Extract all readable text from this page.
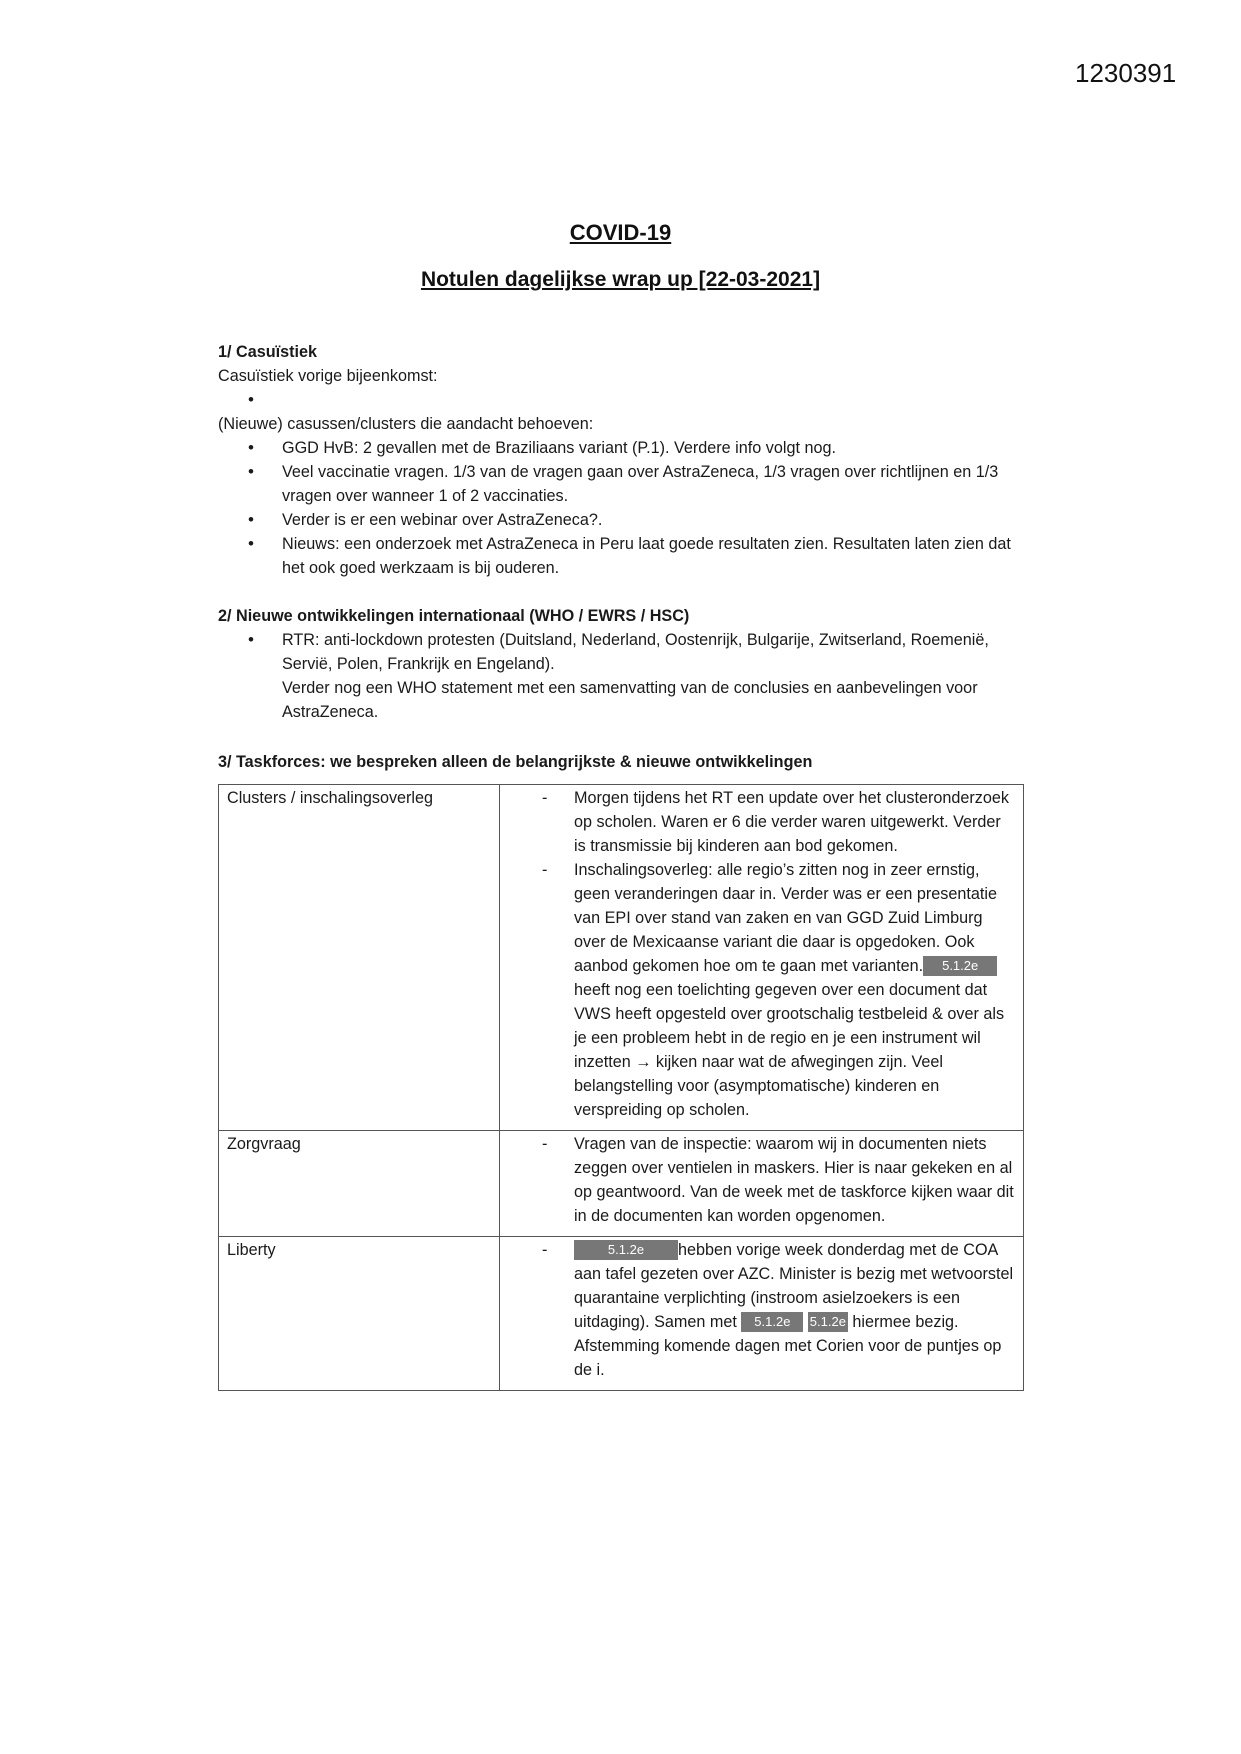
1230391
COVID-19
Notulen dagelijkse wrap up [22-03-2021]
1/ Casuïstiek
Casuïstiek vorige bijeenkomst:
•
(Nieuwe) casussen/clusters die aandacht behoeven:
• GGD HvB: 2 gevallen met de Braziliaans variant (P.1). Verdere info volgt nog.
• Veel vaccinatie vragen. 1/3 van de vragen gaan over AstraZeneca, 1/3 vragen over richtlijnen en 1/3 vragen over wanneer 1 of 2 vaccinaties.
• Verder is er een webinar over AstraZeneca?.
• Nieuws: een onderzoek met AstraZeneca in Peru laat goede resultaten zien. Resultaten laten zien dat het ook goed werkzaam is bij ouderen.
2/ Nieuwe ontwikkelingen internationaal (WHO / EWRS / HSC)
• RTR: anti-lockdown protesten (Duitsland, Nederland, Oostenrijk, Bulgarije, Zwitserland, Roemenië, Servië, Polen, Frankrijk en Engeland).
Verder nog een WHO statement met een samenvatting van de conclusies en aanbevelingen voor AstraZeneca.
3/ Taskforces: we bespreken alleen de belangrijkste & nieuwe ontwikkelingen
Clusters / inschalingsoverleg	- Morgen tijdens het RT een update over het clusteronderzoek op scholen. Waren er 6 die verder waren uitgewerkt. Verder is transmissie bij kinderen aan bod gekomen.
- Inschalingsoverleg: alle regio’s zitten nog in zeer ernstig, geen veranderingen daar in. Verder was er een presentatie van EPI over stand van zaken en van GGD Zuid Limburg over de Mexicaanse variant die daar is opgedoken. Ook aanbod gekomen hoe om te gaan met varianten. 5.1.2eheeft nog een toelichting gegeven over een document dat VWS heeft opgesteld over grootschalig testbeleid & over als je een probleem hebt in de regio en je een instrument wil inzetten → kijken naar wat de afwegingen zijn. Veel belangstelling voor (asymptomatische) kinderen en verspreiding op scholen.

Zorgvraag	- Vragen van de inspectie: waarom wij in documenten niets zeggen over ventielen in maskers. Hier is naar gekeken en al op geantwoord. Van de week met de taskforce kijken waar dit in de documenten kan worden opgenomen.

Liberty	- 5.1.2e hebben vorige week donderdag met de COA aan tafel gezeten over AZC. Minister is bezig met wetvoorstel quarantaine verplichting (instroom asielzoekers is een uitdaging). Samen met 5.1.2e 5.1.2e hiermee bezig. Afstemming komende dagen met Corien voor de puntjes op de i.
